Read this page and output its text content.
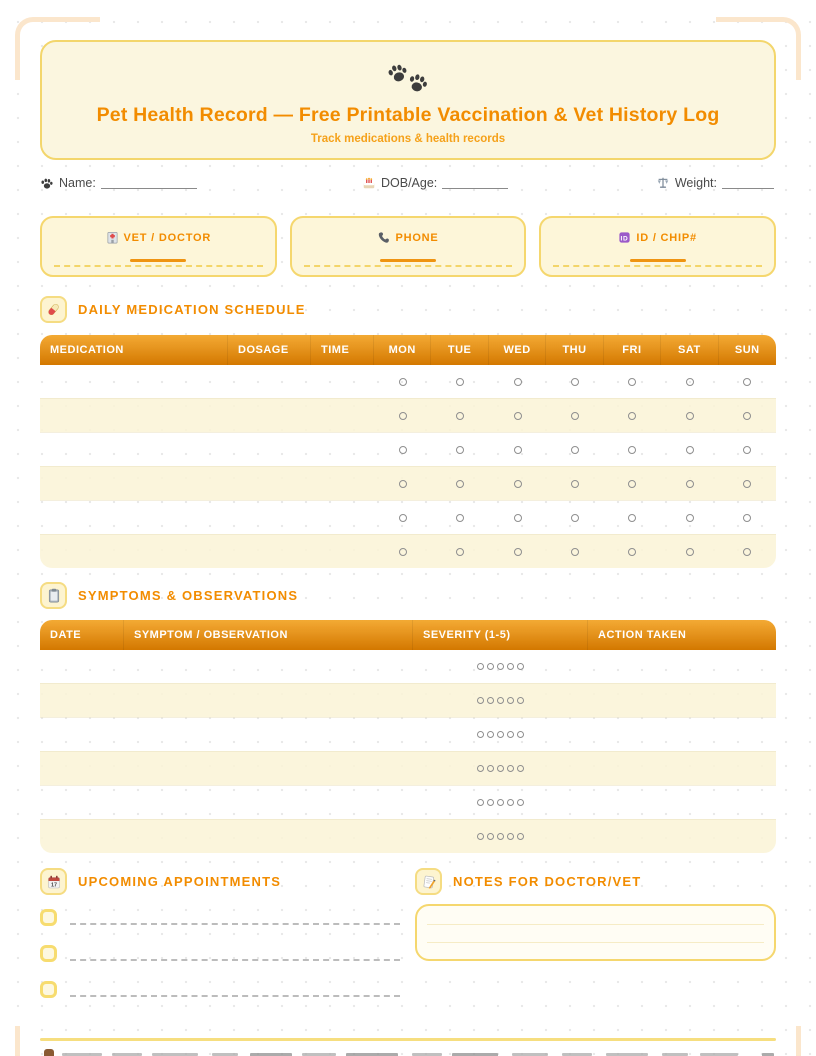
Pet Health Record — Free Printable Vaccination & Vet History Log
Track medications & health records
Name:	DOB/Age:	Weight:
VET / DOCTOR	PHONE	ID ID / CHIP#
DAILY MEDICATION SCHEDULE
MEDICATION	DOSAGE	TIME	MON	TUE	WED	THU	FRI	SAT	SUN
SYMPTOMS & OBSERVATIONS
DATE	SYMPTOM / OBSERVATION	SEVERITY (1-5)	ACTION TAKEN
17 UPCOMING APPOINTMENTS	NOTES FOR DOCTOR/VET
